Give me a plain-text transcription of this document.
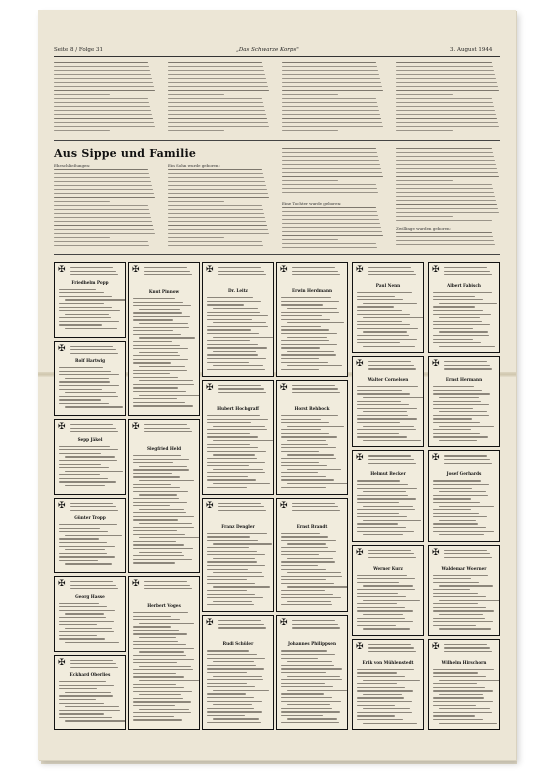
Seite 8 / Folge 31	„Das Schwarze Korps"	3. August 1944
Aus Sippe und Familie
Eheschließungen:	Ein Sohn wurde geboren:
Eine Tochter wurde geboren:
Zwillinge wurden geboren:
✠
Friedhelm Popp
✠
Rolf Hartwig
✠
Sepp Jäkel
✠
Günter Tropp
✠
Georg Hasse
✠
Eckhard Oberlies
✠
Knut Pinnow
✠
Siegfried Held
✠
Herbert Voges
✠
Dr. Leitz
✠
Hubert Hochgraff
✠
Franz Dengler
✠
Rudi Schüler
✠
Erwin Herdmann
✠
Horst Rehbock
✠
Ernst Brandt
✠
Johannes Philippsen
✠
Paul Nenn
✠
Walter Cornelsen
✠
Helmut Becker
✠
Werner Kurz
✠
Erik von Mühlenstedt
✠
Albert Fabisch
✠
Ernst Hermann
✠
Josef Gerhards
✠
Waldemar Woerner
✠
Wilhelm Hirschorn
